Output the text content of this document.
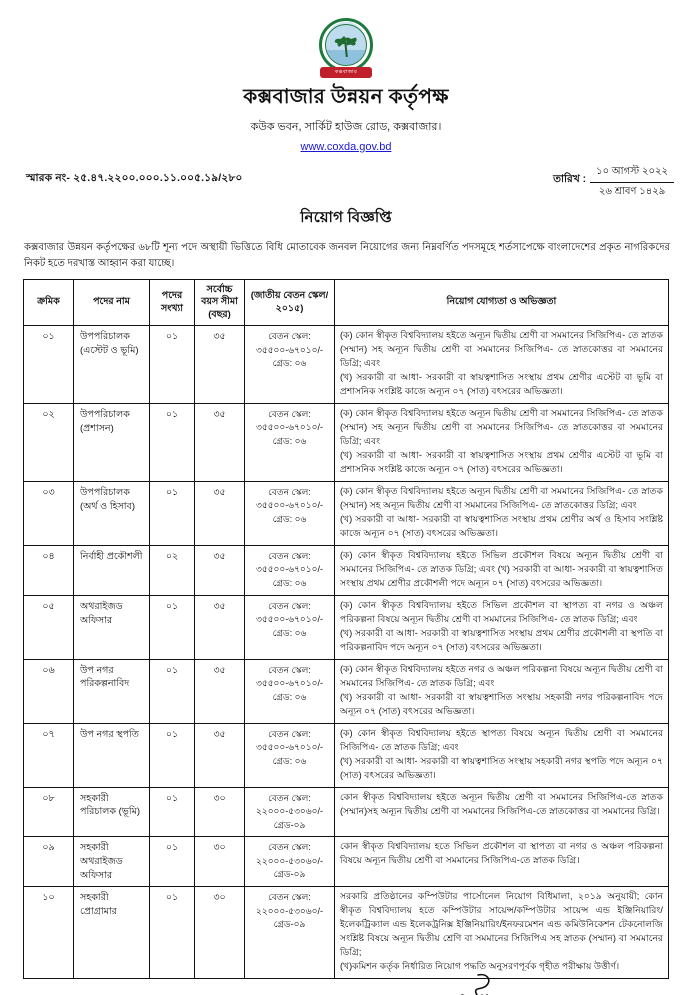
কক্সবাজার
কক্সবাজার উন্নয়ন কর্তৃপক্ষ
কউক ভবন, সার্কিট হাউজ রোড, কক্সবাজার।
www.coxda.gov.bd
স্মারক নং- ২৫.৪৭.২২০০.০০০.১১.০০৫.১৯/২৮০	তারিখ :
১০ আগস্ট ২০২২
২৬ শ্রাবণ ১৪২৯
নিয়োগ বিজ্ঞপ্তি
কক্সবাজার উন্নয়ন কর্তৃপক্ষের ৬৮টি শূন্য পদে অস্থায়ী ভিত্তিতে বিধি মোতাবেক জনবল নিয়োগের জন্য নিম্নবর্ণিত পদসমূহে শর্তসাপেক্ষে বাংলাদেশের প্রকৃত নাগরিকদের নিকট হতে দরখাস্ত আহ্বান করা যাচ্ছে।
ক্রমিক	পদের নাম	পদের সংখ্যা	সর্বোচ্চ বয়স সীমা (বছর)	(জাতীয় বেতন স্কেল/২০১৫)	নিয়োগ যোগ্যতা ও অভিজ্ঞতা
০১	উপপরিচালক (এস্টেট ও ভূমি)	০১	৩৫	বেতন স্কেল:
৩৫৫০০-৬৭০১০/-
গ্রেড: ০৬

(ক) কোন স্বীকৃত বিশ্ববিদ্যালয় হইতে অন্যূন দ্বিতীয় শ্রেণী বা সমমানের সিজিপিএ- তে স্নাতক (সম্মান) সহ অন্যূন দ্বিতীয় শ্রেণী বা সমমানের সিজিপিএ- তে স্নাতকোত্তর বা সমমানের ডিগ্রি; এবং

(খ) সরকারী বা আধা- সরকারী বা স্বায়ত্বশাসিত সংস্থায় প্রথম শ্রেণীর এস্টেট বা ভূমি বা প্রশাসনিক সংশ্লিষ্ট কাজে অন্যূন ০৭ (সাত) বৎসরের অভিজ্ঞতা।

০২	উপপরিচালক (প্রশাসন)	০১	৩৫	বেতন স্কেল:
৩৫৫০০-৬৭০১০/-
গ্রেড: ০৬

(ক) কোন স্বীকৃত বিশ্ববিদ্যালয় হইতে অন্যূন দ্বিতীয় শ্রেণী বা সমমানের সিজিপিএ- তে স্নাতক (সম্মান) সহ অন্যূন দ্বিতীয় শ্রেণী বা সমমানের সিজিপিএ- তে স্নাতকোত্তর বা সমমানের ডিগ্রি; এবং

(খ) সরকারী বা আধা- সরকারী বা স্বায়ত্বশাসিত সংস্থায় প্রথম শ্রেণীর এস্টেট বা ভূমি বা প্রশাসনিক সংশ্লিষ্ট কাজে অন্যূন ০৭ (সাত) বৎসরের অভিজ্ঞতা।

০৩	উপপরিচালক (অর্থ ও হিসাব)	০১	৩৫	বেতন স্কেল:
৩৫৫০০-৬৭০১০/-
গ্রেড: ০৬

(ক) কোন স্বীকৃত বিশ্ববিদ্যালয় হইতে অন্যূন দ্বিতীয় শ্রেণী বা সমমানের সিজিপিএ- তে স্নাতক (সম্মান) সহ অন্যূন দ্বিতীয় শ্রেণী বা সমমানের সিজিপিএ- তে স্নাতকোত্তর ডিগ্রি; এবং

(খ) সরকারী বা আধা- সরকারী বা স্বায়ত্বশাসিত সংস্থায় প্রথম শ্রেণীর অর্থ ও হিসাব সংশ্লিষ্ট কাজে অন্যূন ০৭ (সাত) বৎসরের অভিজ্ঞতা।

০৪	নির্বাহী প্রকৌশলী	০২	৩৫	বেতন স্কেল:
৩৫৫০০-৬৭০১০/-
গ্রেড: ০৬

(ক) কোন স্বীকৃত বিশ্ববিদ্যালয় হইতে সিভিল প্রকৌশল বিষয়ে অন্যূন দ্বিতীয় শ্রেণী বা সমমানের সিজিপিএ- তে স্নাতক ডিগ্রি; এবং (খ) সরকারী বা আধা- সরকারী বা স্বায়ত্বশাসিত সংস্থায় প্রথম শ্রেণীর প্রকৌশলী পদে অন্যূন ০৭ (সাত) বৎসরের অভিজ্ঞতা।

০৫	অথরাইজড অফিসার	০১	৩৫	বেতন স্কেল:
৩৫৫০০-৬৭০১০/-
গ্রেড: ০৬

(ক) কোন স্বীকৃত বিশ্ববিদ্যালয় হইতে সিভিল প্রকৌশল বা স্থাপত্য বা নগর ও অঞ্চল পরিকল্পনা বিষয়ে অন্যূন দ্বিতীয় শ্রেণী বা সমমানের সিজিপিএ- তে স্নাতক ডিগ্রি; এবং

(খ) সরকারী বা আধা- সরকারী বা স্বায়ত্বশাসিত সংস্থায় প্রথম শ্রেণীর প্রকৌশলী বা স্থপতি বা পরিকল্পনাবিদ পদে অন্যূন ০৭ (সাত) বৎসরের অভিজ্ঞতা।

০৬	উপ নগর পরিকল্পনাবিদ	০১	৩৫	বেতন স্কেল:
৩৫৫০০-৬৭০১০/-
গ্রেড: ০৬

(ক) কোন স্বীকৃত বিশ্ববিদ্যালয় হইতে নগর ও অঞ্চল পরিকল্পনা বিষয়ে অন্যূন দ্বিতীয় শ্রেণী বা সমমানের সিজিপিএ- তে স্নাতক ডিগ্রি; এবং

(খ) সরকারী বা আধা- সরকারী বা স্বায়ত্বশাসিত সংস্থায় সহকারী নগর পরিকল্পনাবিদ পদে অন্যূন ০৭ (সাত) বৎসরের অভিজ্ঞতা।

০৭	উপ নগর স্থপতি	০১	৩৫	বেতন স্কেল:
৩৫৫০০-৬৭০১০/-
গ্রেড: ০৬

(ক) কোন স্বীকৃত বিশ্ববিদ্যালয় হইতে স্থাপত্য বিষয়ে অন্যূন দ্বিতীয় শ্রেণী বা সমমানের সিজিপিএ- তে স্নাতক ডিগ্রি; এবং

(খ) সরকারী বা আধা- সরকারী বা স্বায়ত্বশাসিত সংস্থায় সহকারী নগর স্থপতি পদে অন্যূন ০৭ (সাত) বৎসরের অভিজ্ঞতা।

০৮	সহকারী পরিচালক (ভূমি)	০১	৩০	বেতন স্কেল:
২২০০০-৫৩০৬০/-
গ্রেড-০৯	কোন স্বীকৃত বিশ্ববিদ্যালয় হইতে অন্যূন দ্বিতীয় শ্রেণী বা সমমানের সিজিপিএ-তে স্নাতক (সম্মান)সহ অন্যূন দ্বিতীয় শ্রেণী বা সমমানের সিজিপিএ-তে স্নাতকোত্তর বা সমমানের ডিগ্রি।

০৯	সহকারী অথরাইজড অফিসার	০১	৩০	বেতন স্কেল:
২২০০০-৫৩০৬০/-
গ্রেড-০৯	কোন স্বীকৃত বিশ্ববিদ্যালয় হতে সিভিল প্রকৌশল বা স্থাপত্য বা নগর ও অঞ্চল পরিকল্পনা বিষয়ে অন্যূন দ্বিতীয় শ্রেণী বা সমমানের সিজিপিএ-তে স্নাতক ডিগ্রি।

১০	সহকারী প্রোগ্রামার	০১	৩০	বেতন স্কেল:
২২০০০-৫৩০৬০/-
গ্রেড-০৯

সরকারি প্রতিষ্ঠানের কম্পিউটার পার্সোনেল নিয়োগ বিধিমালা, ২০১৯ অনুযায়ী; কোন স্বীকৃত বিশ্ববিদ্যালয় হতে কম্পিউটার সায়েন্স/কম্পিউটার সায়েন্স এন্ড ইঞ্জিনিয়ারিং/ইলেকট্রিক্যাল এন্ড ইলেকট্রনিক্স ইঞ্জিনিয়ারিং/ইনফরমেশন এন্ড কমিউনিকেশন টেকনোলজি সংশ্লিষ্ট বিষয়ে অন্যূন দ্বিতীয় শ্রেণি বা সমমানের সিজিপিএ সহ স্নাতক (সম্মান) বা সমমানের ডিগ্রি;

(খ)কমিশন কর্তৃক নির্ধারিত নিয়োগ পদ্ধতি অনুসরণপূর্বক গৃহীত পরীক্ষায় উত্তীর্ণ।
